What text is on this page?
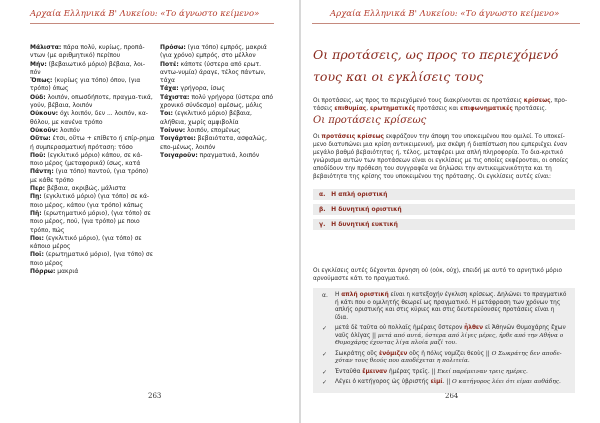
Αρχαία Ελληνικά Β' Λυκείου: «Το άγνωστο κείμενο»
Μάλιστα: πάρα πολύ, κυρίως, προπά-ντων (με αριθμητικό) περίπου
Μήν: (βεβαιωτικό μόριο) βέβαια, λοι-πόν
Ὅπως: (κυρίως για τόπο) όπου, (για τρόπο) όπως
Οὐδ: λοιπόν, οπωσδήποτε, πραγμα-τικά, γούν, βέβαια, λοιπόν
Οὐκουν: όχι λοιπόν, δεν ... λοιπόν, κα-θόλου, με κανένα τρόπο
Οὐκοῦν: λοιπόν
Οὕτω: έτσι, οὕτω + επίθετο ή επίρ-ρημα ή συμπερασματική πρόταση: τόσο
Ποῦ: (εγκλιτικό μόριο) κάπου, σε κά-ποιο μέρος (μεταφορικά) ίσως, κατά
Πάντη: (για τόπο) παντού, (για τρόπο) με κάθε τρόπο
Περ: βέβαια, ακριβώς, μάλιστα
Πῃ: (εγκλιτικό μόριο) (για τόπο) σε κά-ποιο μέρος, κάπου (για τρόπο) κάπως
Πῆ: (ερωτηματικό μόριο), (για τόπο) σε ποιο μέρος, πού, (για τρόπο) με ποιο τρόπο, πώς
Ποι: (εγκλιτικό μόριο), (για τόπο) σε κάποιο μέρος
Ποῖ: (ερωτηματικό μόριο), (για τόπο) σε ποιο μέρος
Πόρρω: μακριά
Πρόσω: (για τόπο) εμπρός, μακριά (για χρόνο) εμπρός, στο μέλλον
Ποτέ: κάποτε (ύστερα από ερωτ. αντω-νυμία) άραγε, τέλος πάντων, τάχα
Τάχα: γρήγορα, ίσως
Τάχιστα: πολύ γρήγορα (ύστερα από χρονικό σύνδεσμο) αμέσως, μόλις
Τοι: (εγκλιτικό μόριο) βέβαια, αλήθεια, χωρίς αμφιβολία
Τοίνυν: λοιπόν, επομένως
Τοιγάρτοι: βεβαιότατα, ασφαλώς, επο-μένως, λοιπόν
Τοιγαροῦν: πραγματικά, λοιπόν
263
Αρχαία Ελληνικά Β' Λυκείου: «Το άγνωστο κείμενο»
264
Οι προτάσεις, ως προς το περιεχόμενό τους και οι εγκλίσεις τους
Οι προτάσεις, ως προς το περιεχόμενό τους διακρίνονται σε προτάσεις κρίσεως, προ-τάσεις επιθυμίας, ερωτηματικές προτάσεις και επιφωνηματικές προτάσεις.
Οι προτάσεις κρίσεως
Οι προτάσεις κρίσεως εκφράζουν την άποψη του υποκειμένου που ομιλεί. Το υποκεί-μενο διατυπώνει μια κρίση αντικειμενική, μια σκέψη ή διαπίστωση που εμπεριέχει έναν μεγάλο βαθμό βεβαιότητας ή, τέλος, μεταφέρει μια απλή πληροφορία. Το δια-κριτικό γνώρισμα αυτών των προτάσεων είναι οι εγκλίσεις με τις οποίες εκφέρονται, οι οποίες αποδίδουν την πρόθεση του συγγραφέα να δηλώσει την αντικειμενικότητα και τη βεβαιότητα της κρίσης του υποκειμένου της πρότασης. Οι εγκλίσεις αυτές είναι:
α. Η απλή οριστική
β. Η δυνητική οριστική
γ. Η δυνητική ευκτική
Οι εγκλίσεις αυτές δέχονται άρνηση οὐ (οὐκ, οὐχ), επειδή με αυτό το αρνητικό μόριο αρνούμαστε κάτι το πραγματικό.
α. Η απλή οριστική είναι η κατεξοχήν έγκλιση κρίσεως. Δηλώνει το πραγματικό ή κάτι που ο ομιλητής θεωρεί ως πραγματικό. Η μετάφραση των χρόνων της απλής οριστικής και στις κύριες και στις δευτερεύουσες προτάσεις είναι η ίδια.
✓ μετά δὲ ταῦτα οὐ πολλαῖς ἡμέραις ὕστερον ἦλθεν εἰ Ἀθηνῶν Θυμοχάρης ἔχων ναῦς ὀλίγας || μετά από αυτά, ύστερα από λίγες μέρες, ήρθε από την Αθήνα ο Θυμοχάρης έχοντας λίγα πλοία μαζί του.
✓ Σωκράτης οὓς ἐνόμιζεν οὓς ἡ πόλις νομίζει θεοὺς || Ο Σωκράτης δεν αποδε-χόταν τους θεούς που αποδέχεται η πολιτεία.
✓ Ἐνταῦθα ἔμειναν ἡμέρας τρεῖς. || Εκεί παρέμειναν τρεις ημέρες.
✓ Λέγει ὁ κατήγορος ὡς ὑβριστής εἰμί. || Ο κατήγορος λέει ότι είμαι αυθάδης.
